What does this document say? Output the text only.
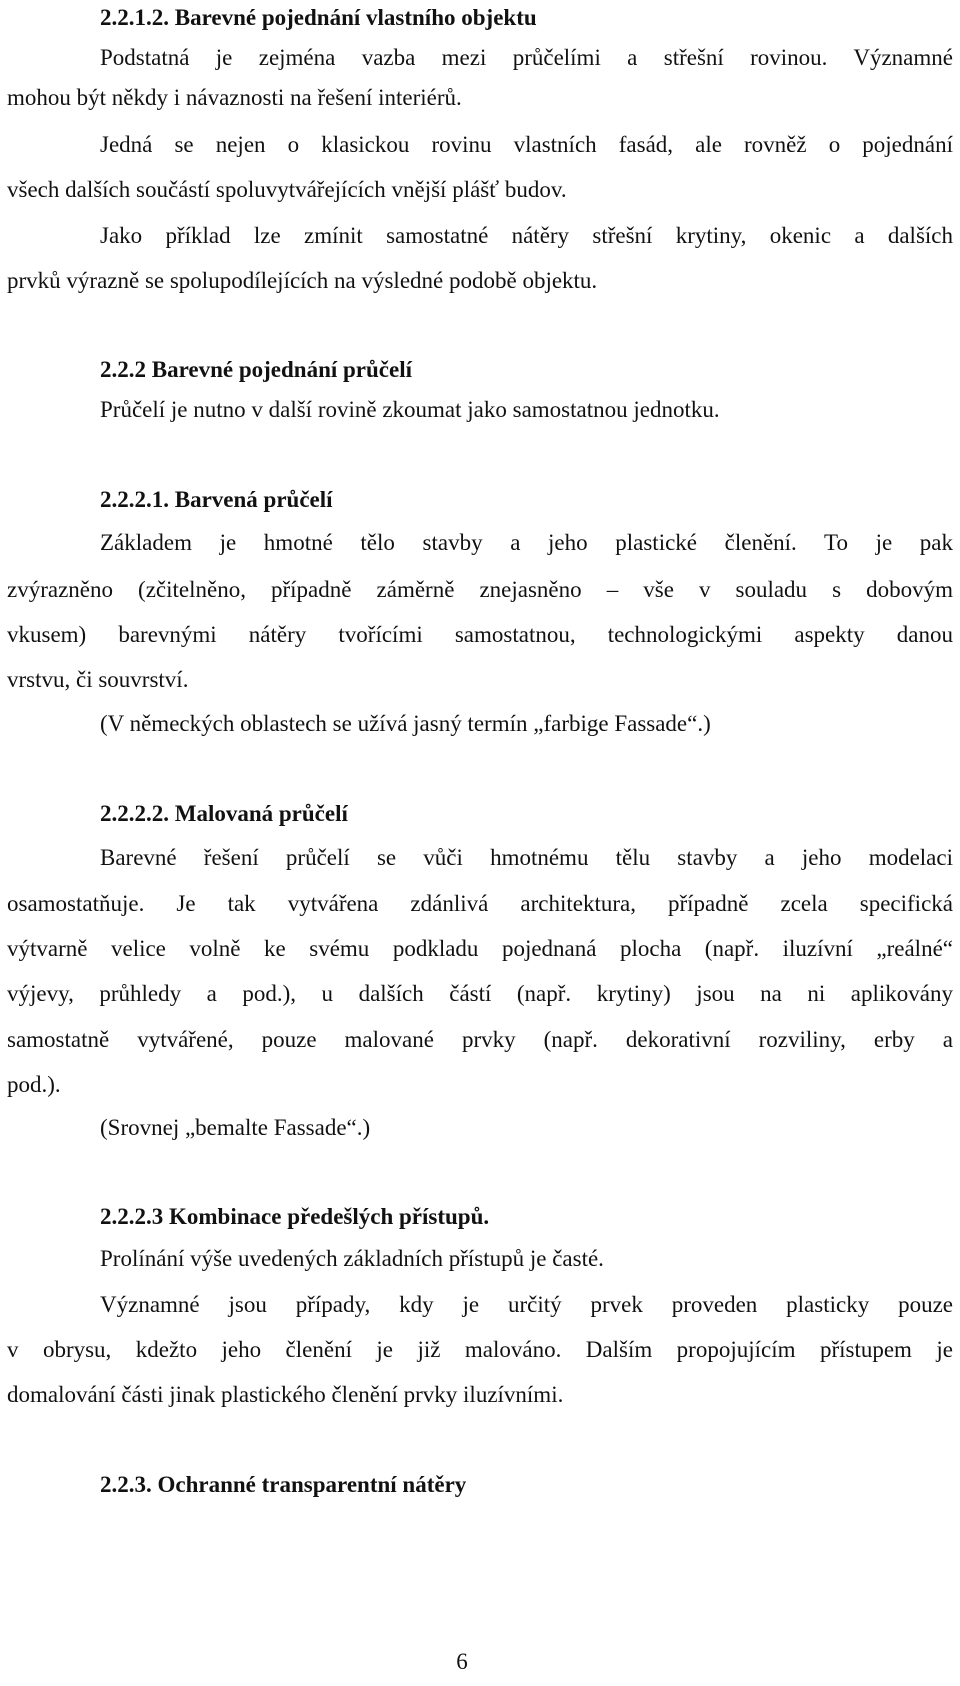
2.2.1.2. Barevné pojednání vlastního objektu
Podstatná je zejména vazba mezi průčelími a střešní rovinou. Významné
mohou být někdy i návaznosti na řešení interiérů.
Jedná se nejen o klasickou rovinu vlastních fasád, ale rovněž o pojednání
všech dalších součástí spoluvytvářejících vnější plášť budov.
Jako příklad lze zmínit samostatné nátěry střešní krytiny, okenic a dalších
prvků výrazně se spolupodílejících na výsledné podobě objektu.
2.2.2 Barevné pojednání průčelí
Průčelí je nutno v další rovině zkoumat jako samostatnou jednotku.
2.2.2.1. Barvená průčelí
Základem je hmotné tělo stavby a jeho plastické členění. To je pak
zvýrazněno (zčitelněno, případně záměrně znejasněno – vše v souladu s dobovým
vkusem) barevnými nátěry tvořícími samostatnou, technologickými aspekty danou
vrstvu, či souvrství.
(V německých oblastech se užívá jasný termín „farbige Fassade“.)
2.2.2.2. Malovaná průčelí
Barevné řešení průčelí se vůči hmotnému tělu stavby a jeho modelaci
osamostatňuje. Je tak vytvářena zdánlivá architektura, případně zcela specifická
výtvarně velice volně ke svému podkladu pojednaná plocha (např. iluzívní „reálné“
výjevy, průhledy a pod.), u dalších částí (např. krytiny) jsou na ni aplikovány
samostatně vytvářené, pouze malované prvky (např. dekorativní rozviliny, erby a
pod.).
(Srovnej „bemalte Fassade“.)
2.2.2.3 Kombinace předešlých přístupů.
Prolínání výše uvedených základních přístupů je časté.
Významné jsou případy, kdy je určitý prvek proveden plasticky pouze
v obrysu, kdežto jeho členění je již malováno. Dalším propojujícím přístupem je
domalování části jinak plastického členění prvky iluzívními.
2.2.3. Ochranné transparentní nátěry
6
